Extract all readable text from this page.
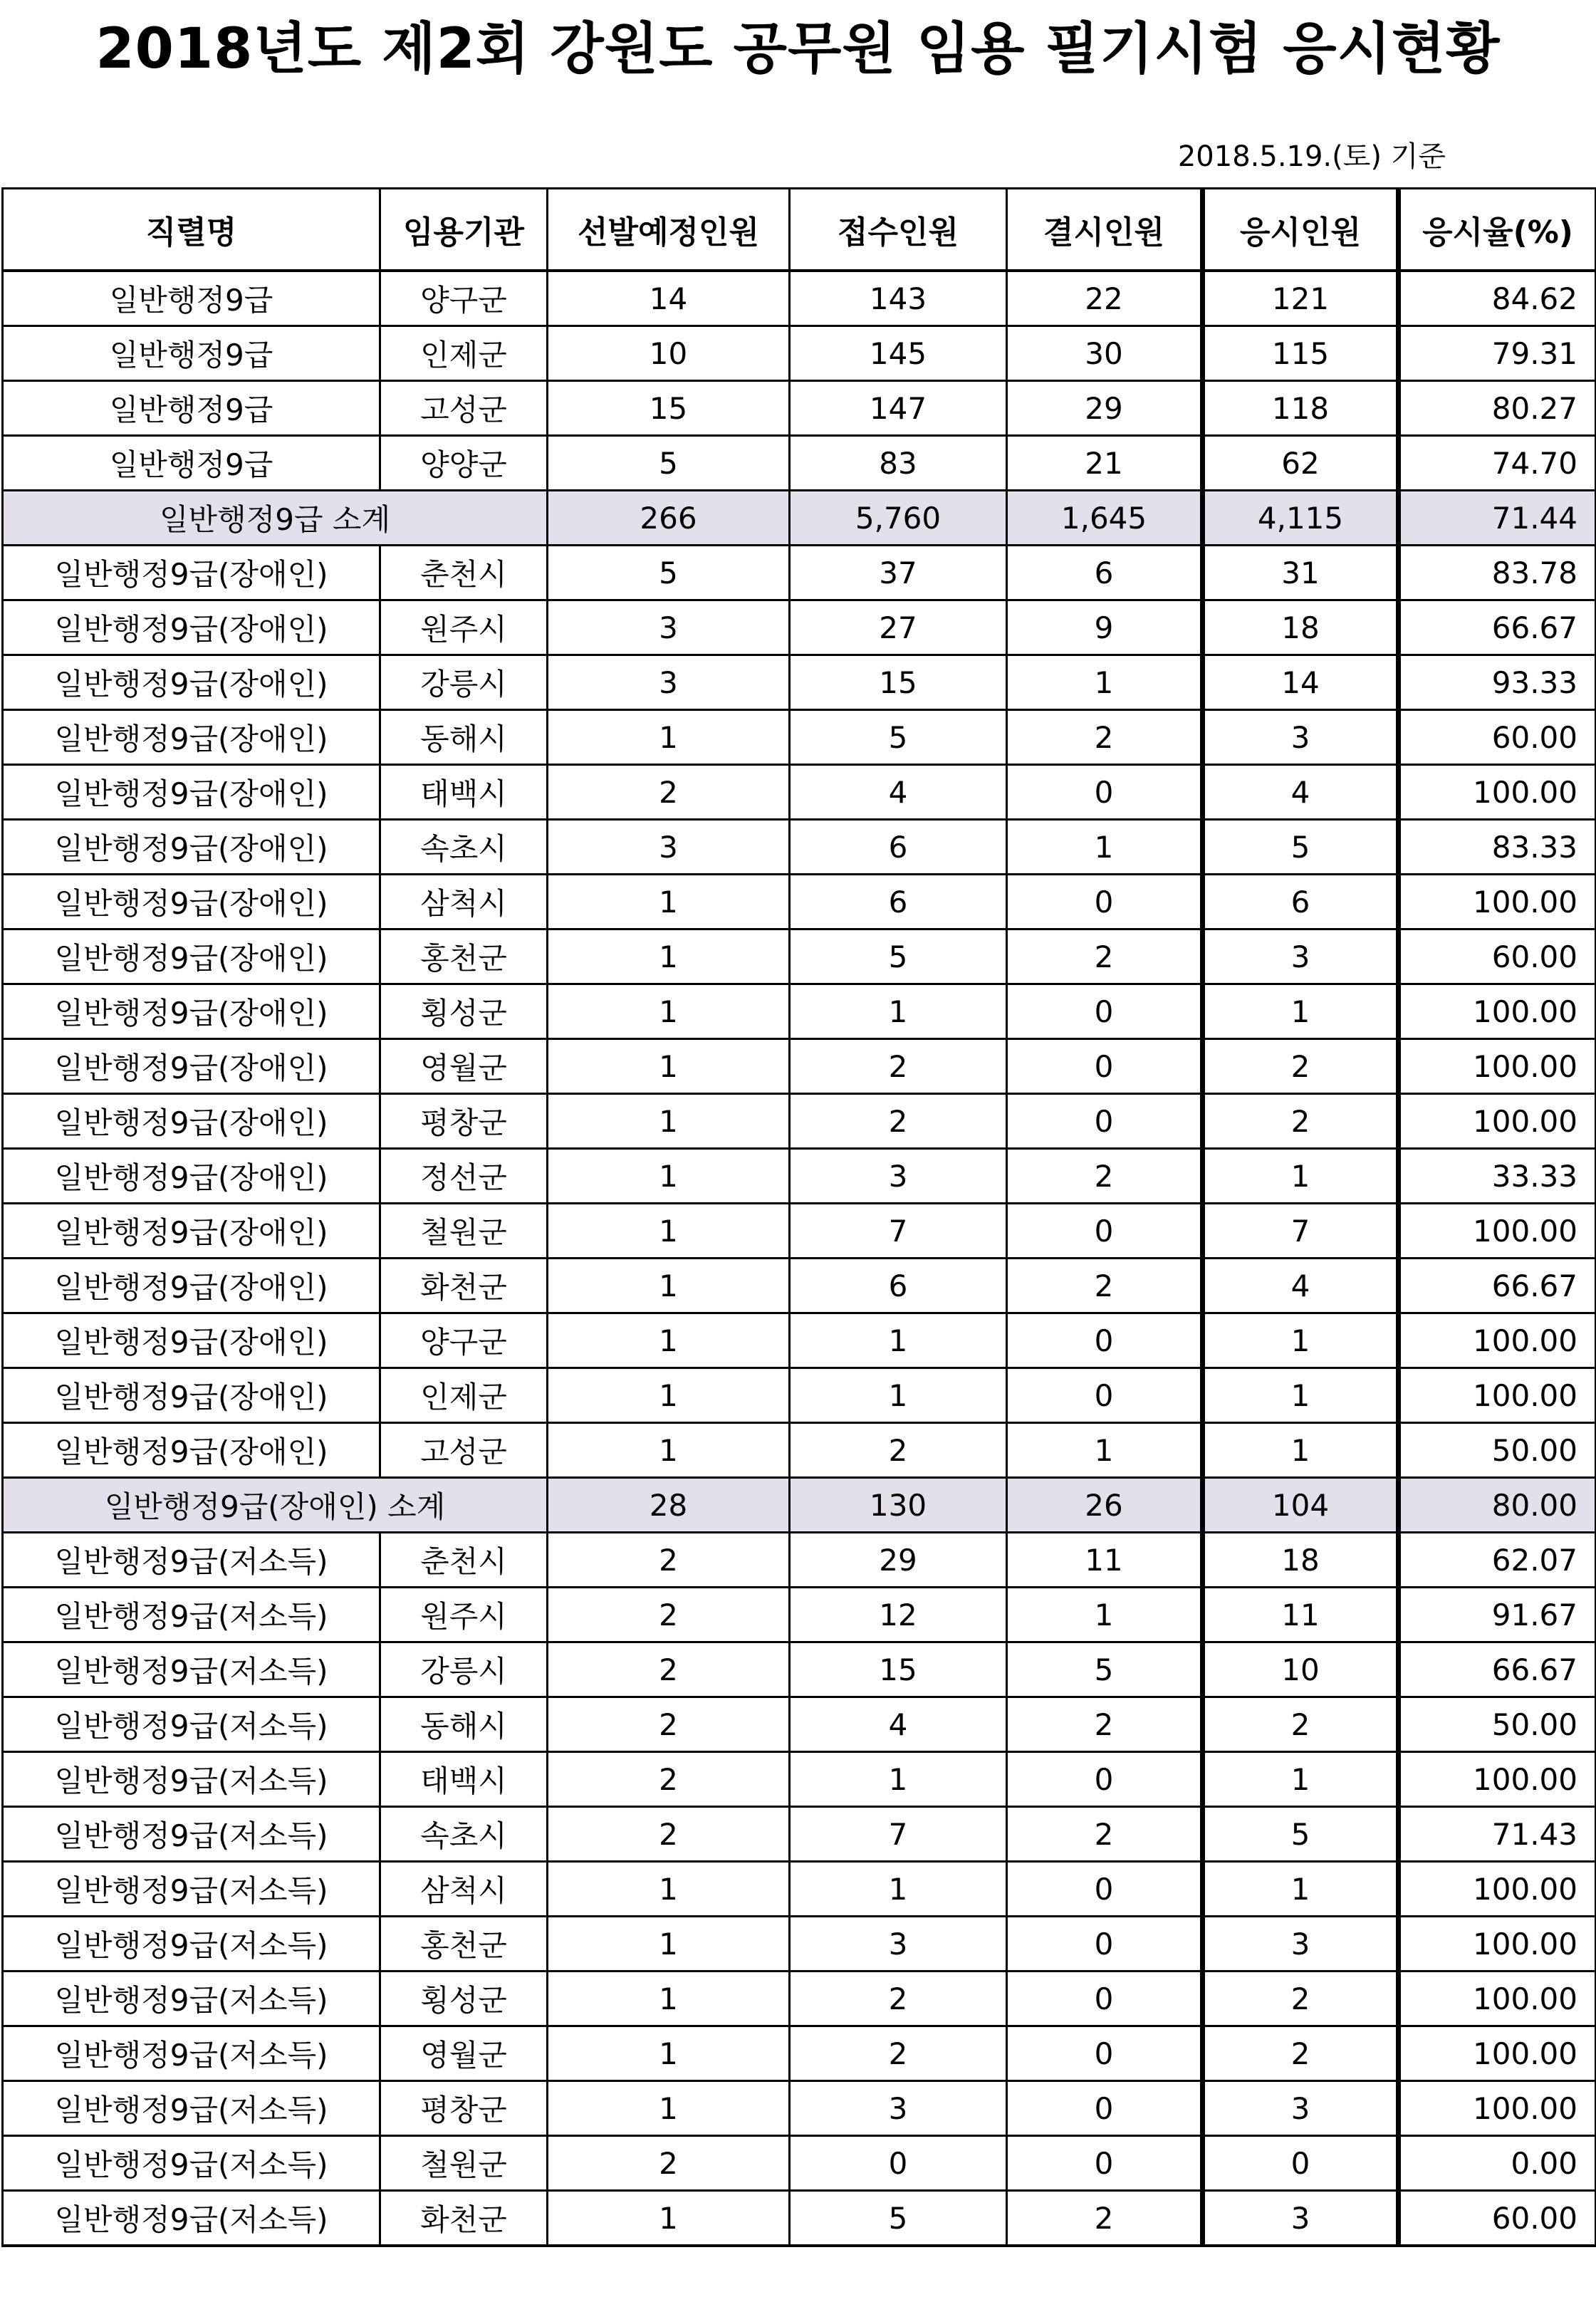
2018년도 제2회 강원도 공무원 임용 필기시험 응시현황
2018.5.19.(토) 기준
직렬명	임용기관	선발예정인원	접수인원	결시인원	응시인원	응시율(%)
일반행정9급	양구군	14	143	22	121	84.62
일반행정9급	인제군	10	145	30	115	79.31
일반행정9급	고성군	15	147	29	118	80.27
일반행정9급	양양군	5	83	21	62	74.70
일반행정9급 소계		266	5,760	1,645	4,115	71.44
일반행정9급(장애인)	춘천시	5	37	6	31	83.78
일반행정9급(장애인)	원주시	3	27	9	18	66.67
일반행정9급(장애인)	강릉시	3	15	1	14	93.33
일반행정9급(장애인)	동해시	1	5	2	3	60.00
일반행정9급(장애인)	태백시	2	4	0	4	100.00
일반행정9급(장애인)	속초시	3	6	1	5	83.33
일반행정9급(장애인)	삼척시	1	6	0	6	100.00
일반행정9급(장애인)	홍천군	1	5	2	3	60.00
일반행정9급(장애인)	횡성군	1	1	0	1	100.00
일반행정9급(장애인)	영월군	1	2	0	2	100.00
일반행정9급(장애인)	평창군	1	2	0	2	100.00
일반행정9급(장애인)	정선군	1	3	2	1	33.33
일반행정9급(장애인)	철원군	1	7	0	7	100.00
일반행정9급(장애인)	화천군	1	6	2	4	66.67
일반행정9급(장애인)	양구군	1	1	0	1	100.00
일반행정9급(장애인)	인제군	1	1	0	1	100.00
일반행정9급(장애인)	고성군	1	2	1	1	50.00
일반행정9급(장애인) 소계		28	130	26	104	80.00
일반행정9급(저소득)	춘천시	2	29	11	18	62.07
일반행정9급(저소득)	원주시	2	12	1	11	91.67
일반행정9급(저소득)	강릉시	2	15	5	10	66.67
일반행정9급(저소득)	동해시	2	4	2	2	50.00
일반행정9급(저소득)	태백시	2	1	0	1	100.00
일반행정9급(저소득)	속초시	2	7	2	5	71.43
일반행정9급(저소득)	삼척시	1	1	0	1	100.00
일반행정9급(저소득)	홍천군	1	3	0	3	100.00
일반행정9급(저소득)	횡성군	1	2	0	2	100.00
일반행정9급(저소득)	영월군	1	2	0	2	100.00
일반행정9급(저소득)	평창군	1	3	0	3	100.00
일반행정9급(저소득)	철원군	2	0	0	0	0.00
일반행정9급(저소득)	화천군	1	5	2	3	60.00
